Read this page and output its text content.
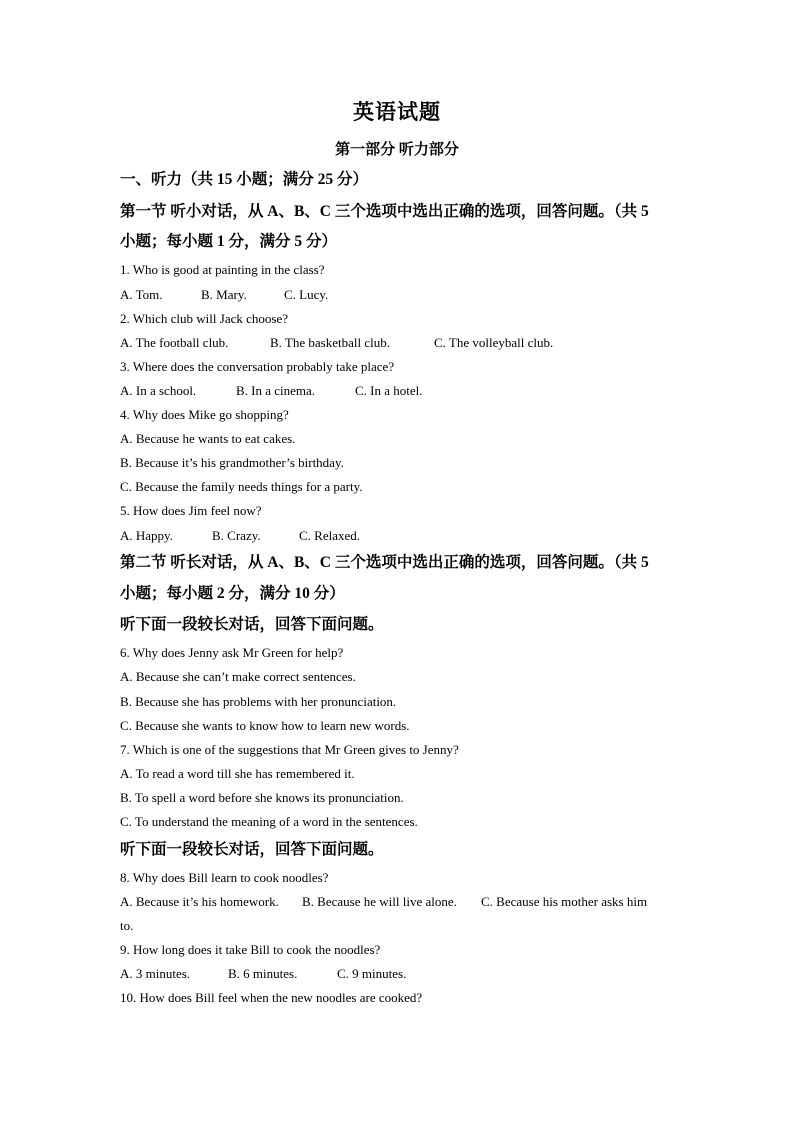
英语试题
第一部分 听力部分
一、听力（共 15 小题；满分 25 分）
第一节 听小对话，从 A、B、C 三个选项中选出正确的选项，回答问题。（共 5
小题；每小题 1 分，满分 5 分）
1. Who is good at painting in the class?
A. Tom.	B. Mary.	C. Lucy.
2. Which club will Jack choose?
A. The football club.	B. The basketball club.	C. The volleyball club.
3. Where does the conversation probably take place?
A. In a school.	B. In a cinema.	C. In a hotel.
4. Why does Mike go shopping?
A. Because he wants to eat cakes.
B. Because it’s his grandmother’s birthday.
C. Because the family needs things for a party.
5. How does Jim feel now?
A. Happy.	B. Crazy.	C. Relaxed.
第二节 听长对话，从 A、B、C 三个选项中选出正确的选项，回答问题。（共 5
小题；每小题 2 分，满分 10 分）
听下面一段较长对话，回答下面问题。
6. Why does Jenny ask Mr Green for help?
A. Because she can’t make correct sentences.
B. Because she has problems with her pronunciation.
C. Because she wants to know how to learn new words.
7. Which is one of the suggestions that Mr Green gives to Jenny?
A. To read a word till she has remembered it.
B. To spell a word before she knows its pronunciation.
C. To understand the meaning of a word in the sentences.
听下面一段较长对话，回答下面问题。
8. Why does Bill learn to cook noodles?
A. Because it’s his homework. B. Because he will live alone. C. Because his mother asks him
to.
9. How long does it take Bill to cook the noodles?
A. 3 minutes.	B. 6 minutes.	C. 9 minutes.
10. How does Bill feel when the new noodles are cooked?
